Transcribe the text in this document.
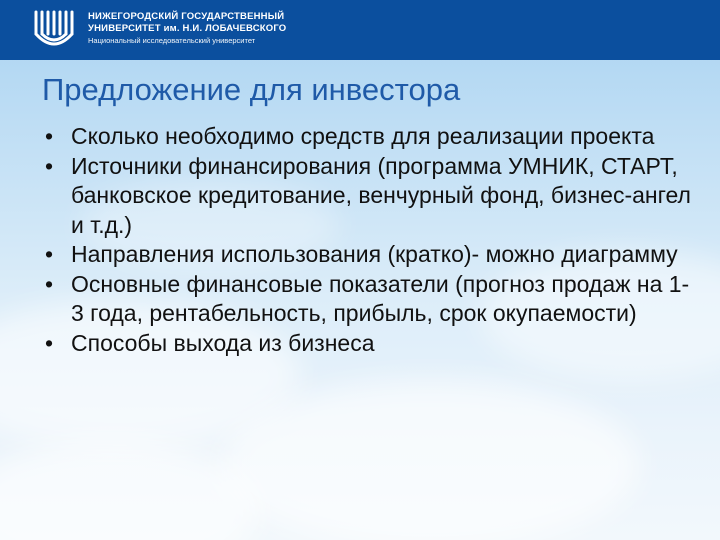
НИЖЕГОРОДСКИЙ ГОСУДАРСТВЕННЫЙ
УНИВЕРСИТЕТ им. Н.И. ЛОБАЧЕВСКОГО
Национальный исследовательский университет
Предложение для инвестора
• Сколько необходимо средств для реализации проекта
• Источники финансирования (программа УМНИК, СТАРТ, банковское кредитование, венчурный фонд, бизнес-ангел и т.д.)
• Направления использования (кратко)- можно диаграмму
• Основные финансовые показатели (прогноз продаж на 1-3 года, рентабельность, прибыль, срок окупаемости)
• Способы выхода из бизнеса
